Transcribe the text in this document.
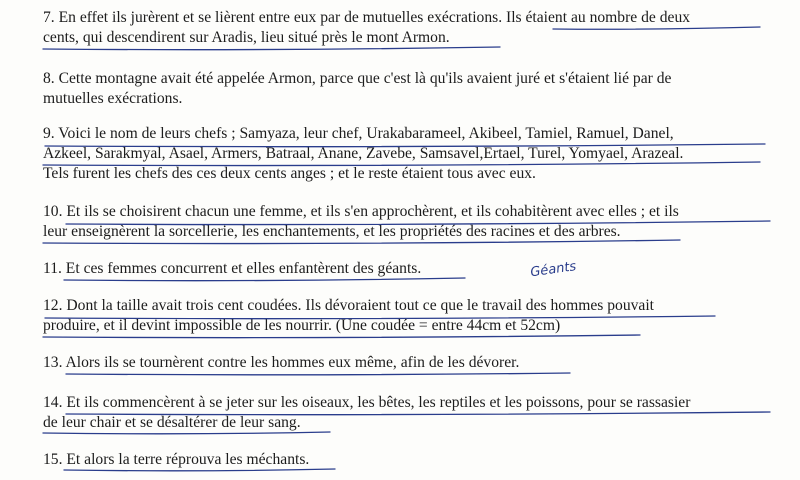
7. En effet ils jurèrent et se lièrent entre eux par de mutuelles exécrations. Ils étaient au nombre de deux
cents, qui descendirent sur Aradis, lieu situé près le mont Armon.

8. Cette montagne avait été appelée Armon, parce que c'est là qu'ils avaient juré et s'étaient lié par de
mutuelles exécrations.

9. Voici le nom de leurs chefs ; Samyaza, leur chef, Urakabarameel, Akibeel, Tamiel, Ramuel, Danel,
Azkeel, Sarakmyal, Asael, Armers, Batraal, Anane, Zavebe, Samsavel,Ertael, Turel, Yomyael, Arazeal.
Tels furent les chefs des ces deux cents anges ; et le reste étaient tous avec eux.

10. Et ils se choisirent chacun une femme, et ils s'en approchèrent, et ils cohabitèrent avec elles ; et ils
leur enseignèrent la sorcellerie, les enchantements, et les propriétés des racines et des arbres.

11. Et ces femmes concurrent et elles enfantèrent des géants.

12. Dont la taille avait trois cent coudées. Ils dévoraient tout ce que le travail des hommes pouvait
produire, et il devint impossible de les nourrir. (Une coudée = entre 44cm et 52cm)

13. Alors ils se tournèrent contre les hommes eux même, afin de les dévorer.

14. Et ils commencèrent à se jeter sur les oiseaux, les bêtes, les reptiles et les poissons, pour se rassasier
de leur chair et se désaltérer de leur sang.

15. Et alors la terre réprouva les méchants.

Géants
